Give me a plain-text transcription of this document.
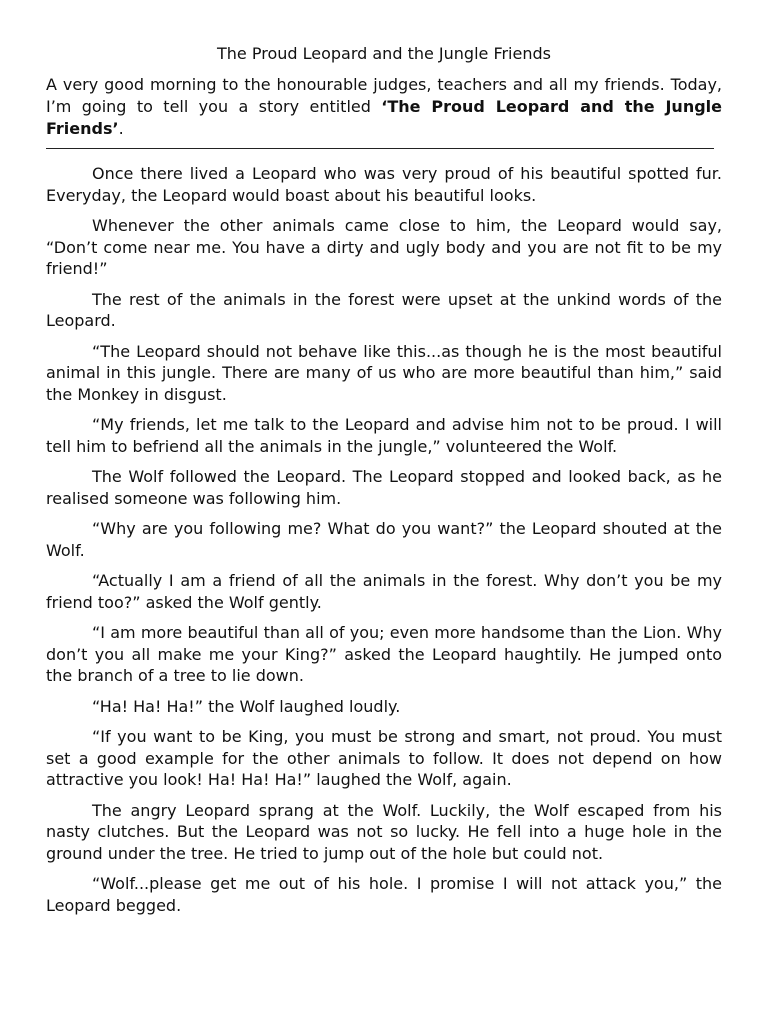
The Proud Leopard and the Jungle Friends

A very good morning to the honourable judges, teachers and all my friends. Today, I’m going to tell you a story entitled ‘The Proud Leopard and the Jungle Friends’.

Once there lived a Leopard who was very proud of his beautiful spotted fur. Everyday, the Leopard would boast about his beautiful looks.

Whenever the other animals came close to him, the Leopard would say, “Don’t come near me. You have a dirty and ugly body and you are not fit to be my friend!”

The rest of the animals in the forest were upset at the unkind words of the Leopard.

“The Leopard should not behave like this...as though he is the most beautiful animal in this jungle. There are many of us who are more beautiful than him,” said the Monkey in disgust.

“My friends, let me talk to the Leopard and advise him not to be proud. I will tell him to befriend all the animals in the jungle,” volunteered the Wolf.

The Wolf followed the Leopard. The Leopard stopped and looked back, as he realised someone was following him.

“Why are you following me? What do you want?” the Leopard shouted at the Wolf.

“Actually I am a friend of all the animals in the forest. Why don’t you be my friend too?” asked the Wolf gently.

“I am more beautiful than all of you; even more handsome than the Lion. Why don’t you all make me your King?” asked the Leopard haughtily. He jumped onto the branch of a tree to lie down.

“Ha! Ha! Ha!” the Wolf laughed loudly.

“If you want to be King, you must be strong and smart, not proud. You must set a good example for the other animals to follow. It does not depend on how attractive you look! Ha! Ha! Ha!” laughed the Wolf, again.

The angry Leopard sprang at the Wolf. Luckily, the Wolf escaped from his nasty clutches. But the Leopard was not so lucky. He fell into a huge hole in the ground under the tree. He tried to jump out of the hole but could not.

“Wolf...please get me out of his hole. I promise I will not attack you,” the Leopard begged.
